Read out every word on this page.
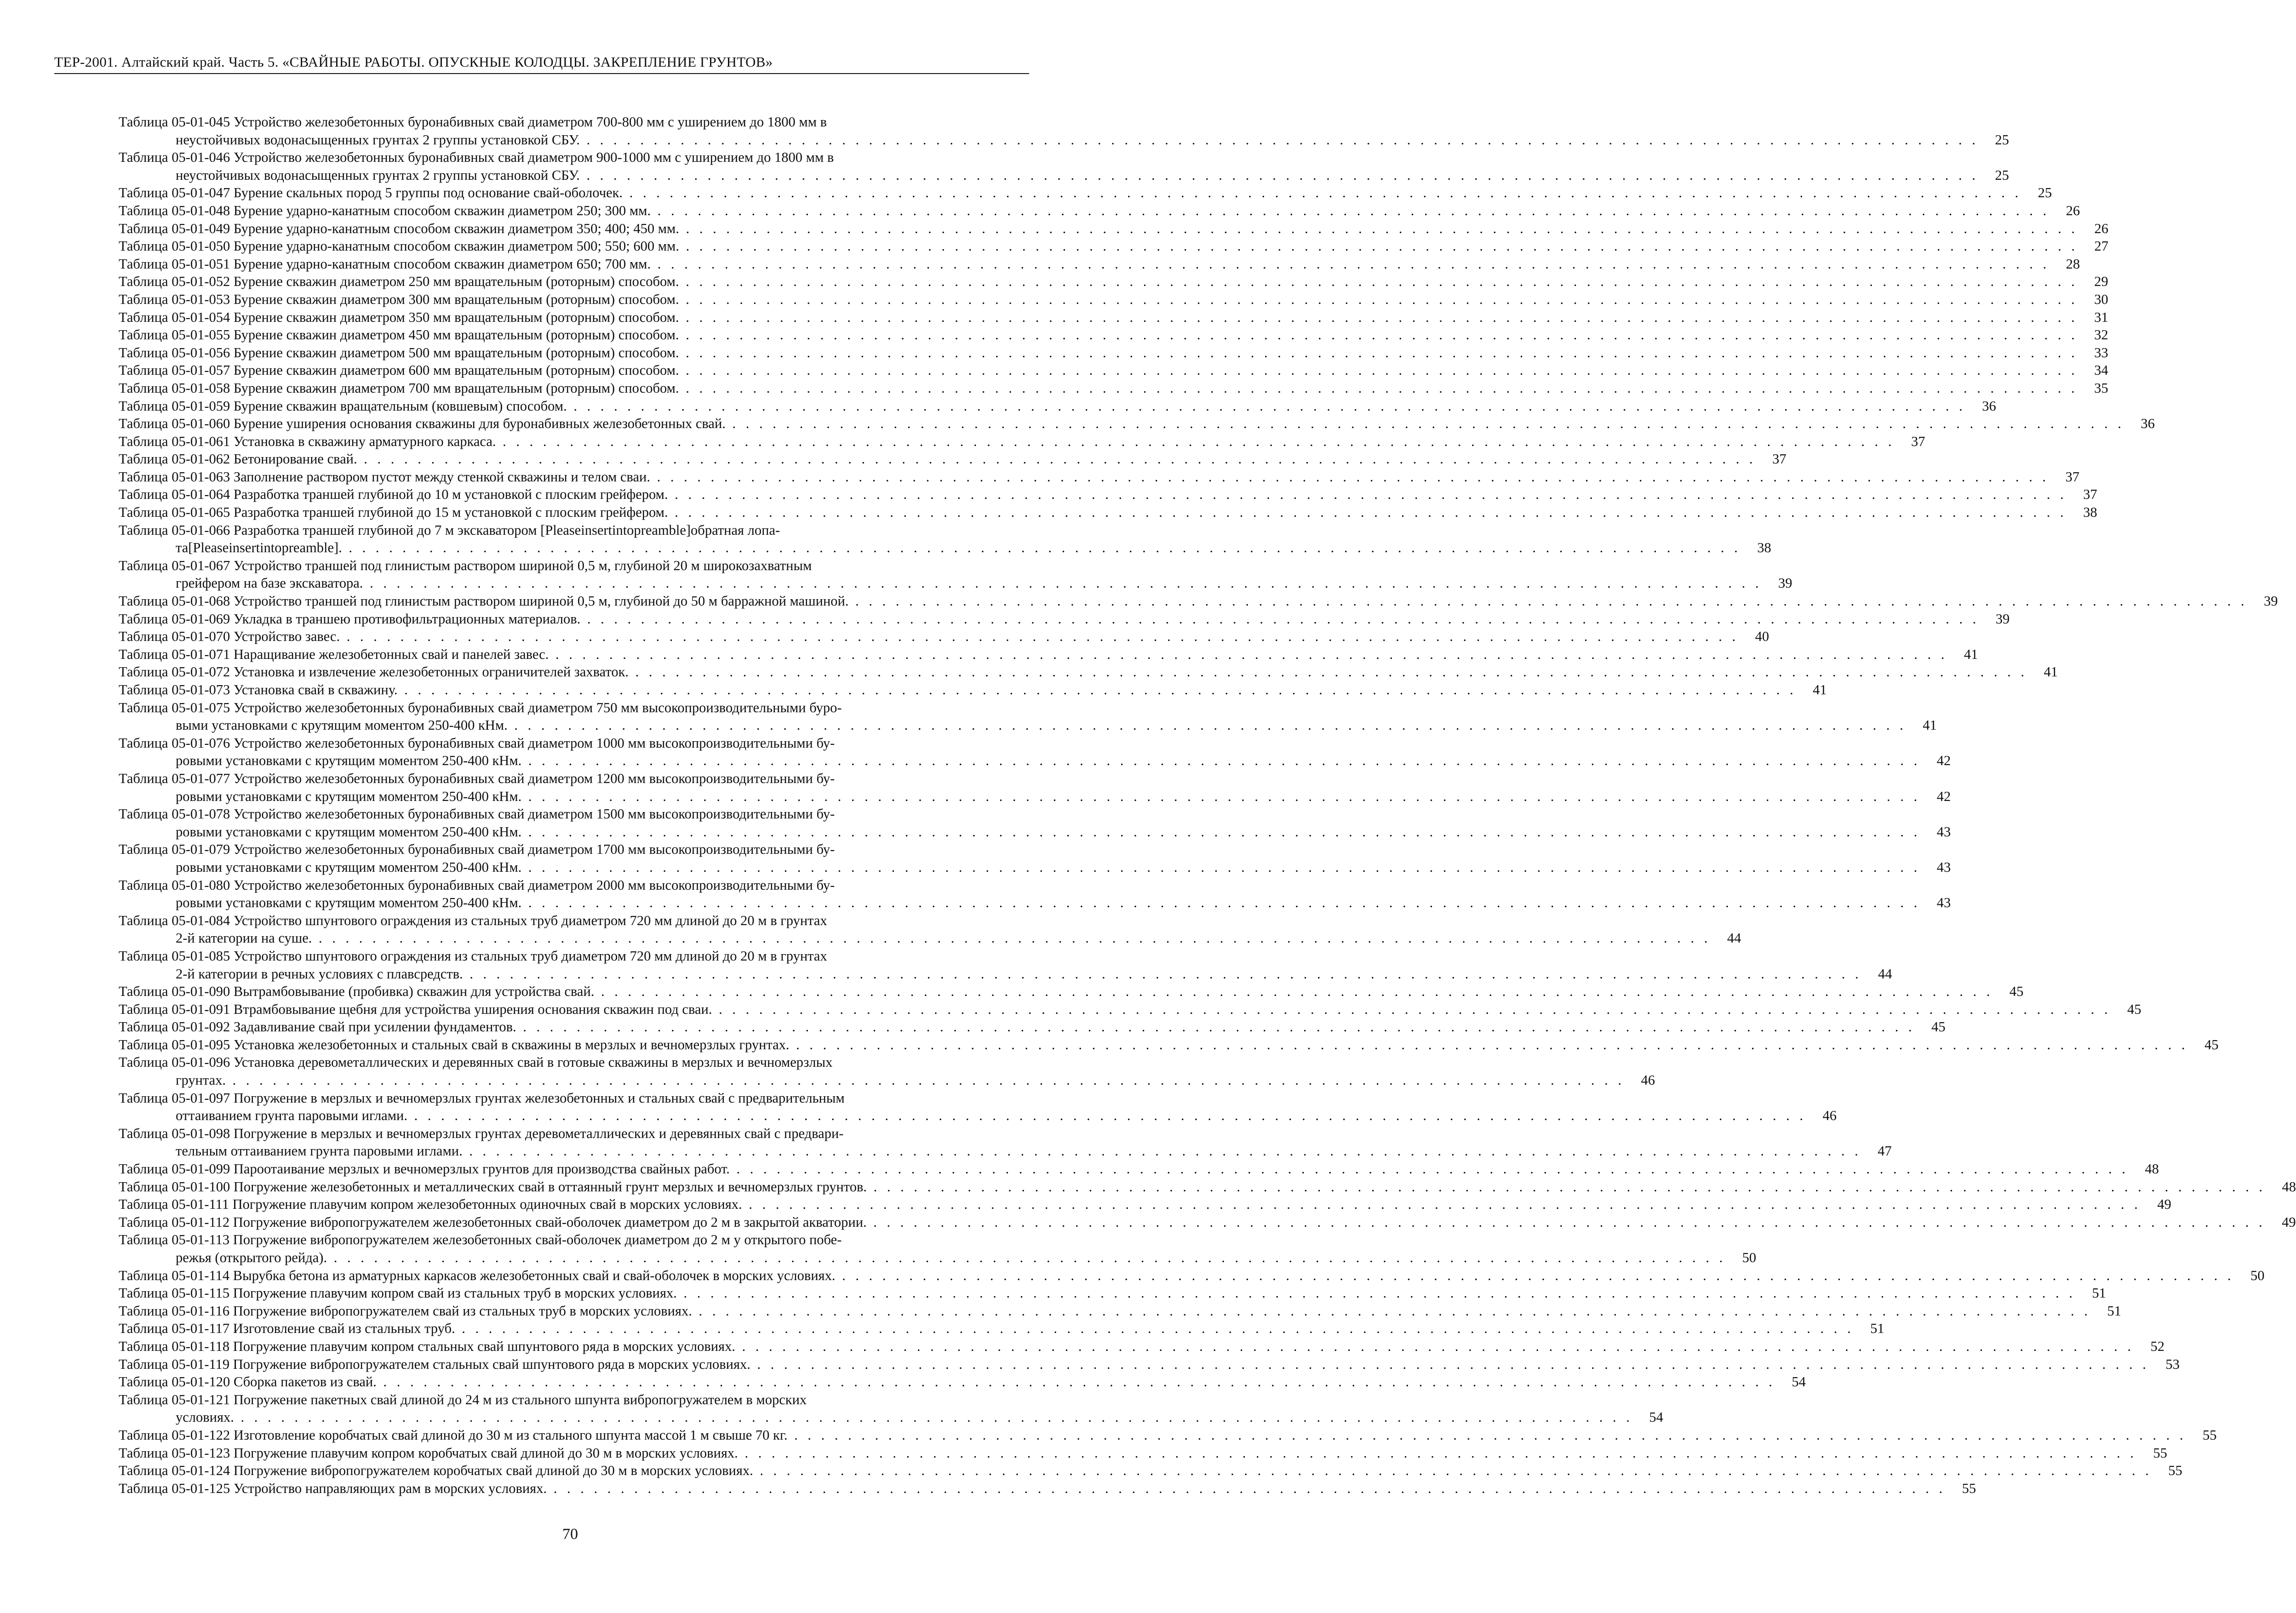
ТЕР-2001. Алтайский край. Часть 5. «СВАЙНЫЕ РАБОТЫ. ОПУСКНЫЕ КОЛОДЦЫ. ЗАКРЕПЛЕНИЕ ГРУНТОВ»
Таблица 05-01-045 Устройство железобетонных буронабивных свай диаметром 700-800 мм с уширением до 1800 мм в
неустойчивых водонасыщенных грунтах 2 группы установкой СБУ. . . . . . . . . . . . . . . . . . . . . . . . . . . . . . . . . . . . . . . . . . . . . . . . . . . . . . . . . . . . . . . . . . . . . . . . . . . . . . . . . . . . . . . . . . . . . . . . . . . . . . . . .	25
Таблица 05-01-046 Устройство железобетонных буронабивных свай диаметром 900-1000 мм с уширением до 1800 мм в
неустойчивых водонасыщенных грунтах 2 группы установкой СБУ. . . . . . . . . . . . . . . . . . . . . . . . . . . . . . . . . . . . . . . . . . . . . . . . . . . . . . . . . . . . . . . . . . . . . . . . . . . . . . . . . . . . . . . . . . . . . . . . . . . . . . . . .	25
Таблица 05-01-047 Бурение скальных пород 5 группы под основание свай-оболочек. . . . . . . . . . . . . . . . . . . . . . . . . . . . . . . . . . . . . . . . . . . . . . . . . . . . . . . . . . . . . . . . . . . . . . . . . . . . . . . . . . . . . . . . . . . . . . . . . . . . . . . . .	25
Таблица 05-01-048 Бурение ударно-канатным способом скважин диаметром 250; 300 мм. . . . . . . . . . . . . . . . . . . . . . . . . . . . . . . . . . . . . . . . . . . . . . . . . . . . . . . . . . . . . . . . . . . . . . . . . . . . . . . . . . . . . . . . . . . . . . . . . . . . . . . . .	26
Таблица 05-01-049 Бурение ударно-канатным способом скважин диаметром 350; 400; 450 мм. . . . . . . . . . . . . . . . . . . . . . . . . . . . . . . . . . . . . . . . . . . . . . . . . . . . . . . . . . . . . . . . . . . . . . . . . . . . . . . . . . . . . . . . . . . . . . . . . . . . . . . . .	26
Таблица 05-01-050 Бурение ударно-канатным способом скважин диаметром 500; 550; 600 мм. . . . . . . . . . . . . . . . . . . . . . . . . . . . . . . . . . . . . . . . . . . . . . . . . . . . . . . . . . . . . . . . . . . . . . . . . . . . . . . . . . . . . . . . . . . . . . . . . . . . . . . . .	27
Таблица 05-01-051 Бурение ударно-канатным способом скважин диаметром 650; 700 мм. . . . . . . . . . . . . . . . . . . . . . . . . . . . . . . . . . . . . . . . . . . . . . . . . . . . . . . . . . . . . . . . . . . . . . . . . . . . . . . . . . . . . . . . . . . . . . . . . . . . . . . . .	28
Таблица 05-01-052 Бурение скважин диаметром 250 мм вращательным (роторным) способом. . . . . . . . . . . . . . . . . . . . . . . . . . . . . . . . . . . . . . . . . . . . . . . . . . . . . . . . . . . . . . . . . . . . . . . . . . . . . . . . . . . . . . . . . . . . . . . . . . . . . . . . .	29
Таблица 05-01-053 Бурение скважин диаметром 300 мм вращательным (роторным) способом. . . . . . . . . . . . . . . . . . . . . . . . . . . . . . . . . . . . . . . . . . . . . . . . . . . . . . . . . . . . . . . . . . . . . . . . . . . . . . . . . . . . . . . . . . . . . . . . . . . . . . . . .	30
Таблица 05-01-054 Бурение скважин диаметром 350 мм вращательным (роторным) способом. . . . . . . . . . . . . . . . . . . . . . . . . . . . . . . . . . . . . . . . . . . . . . . . . . . . . . . . . . . . . . . . . . . . . . . . . . . . . . . . . . . . . . . . . . . . . . . . . . . . . . . . .	31
Таблица 05-01-055 Бурение скважин диаметром 450 мм вращательным (роторным) способом. . . . . . . . . . . . . . . . . . . . . . . . . . . . . . . . . . . . . . . . . . . . . . . . . . . . . . . . . . . . . . . . . . . . . . . . . . . . . . . . . . . . . . . . . . . . . . . . . . . . . . . . .	32
Таблица 05-01-056 Бурение скважин диаметром 500 мм вращательным (роторным) способом. . . . . . . . . . . . . . . . . . . . . . . . . . . . . . . . . . . . . . . . . . . . . . . . . . . . . . . . . . . . . . . . . . . . . . . . . . . . . . . . . . . . . . . . . . . . . . . . . . . . . . . . .	33
Таблица 05-01-057 Бурение скважин диаметром 600 мм вращательным (роторным) способом. . . . . . . . . . . . . . . . . . . . . . . . . . . . . . . . . . . . . . . . . . . . . . . . . . . . . . . . . . . . . . . . . . . . . . . . . . . . . . . . . . . . . . . . . . . . . . . . . . . . . . . . .	34
Таблица 05-01-058 Бурение скважин диаметром 700 мм вращательным (роторным) способом. . . . . . . . . . . . . . . . . . . . . . . . . . . . . . . . . . . . . . . . . . . . . . . . . . . . . . . . . . . . . . . . . . . . . . . . . . . . . . . . . . . . . . . . . . . . . . . . . . . . . . . . .	35
Таблица 05-01-059 Бурение скважин вращательным (ковшевым) способом. . . . . . . . . . . . . . . . . . . . . . . . . . . . . . . . . . . . . . . . . . . . . . . . . . . . . . . . . . . . . . . . . . . . . . . . . . . . . . . . . . . . . . . . . . . . . . . . . . . . . . . . .	36
Таблица 05-01-060 Бурение уширения основания скважины для буронабивных железобетонных свай. . . . . . . . . . . . . . . . . . . . . . . . . . . . . . . . . . . . . . . . . . . . . . . . . . . . . . . . . . . . . . . . . . . . . . . . . . . . . . . . . . . . . . . . . . . . . . . . . . . . . . . . .	36
Таблица 05-01-061 Установка в скважину арматурного каркаса. . . . . . . . . . . . . . . . . . . . . . . . . . . . . . . . . . . . . . . . . . . . . . . . . . . . . . . . . . . . . . . . . . . . . . . . . . . . . . . . . . . . . . . . . . . . . . . . . . . . . . . . .	37
Таблица 05-01-062 Бетонирование свай. . . . . . . . . . . . . . . . . . . . . . . . . . . . . . . . . . . . . . . . . . . . . . . . . . . . . . . . . . . . . . . . . . . . . . . . . . . . . . . . . . . . . . . . . . . . . . . . . . . . . . . . .	37
Таблица 05-01-063 Заполнение раствором пустот между стенкой скважины и телом сваи. . . . . . . . . . . . . . . . . . . . . . . . . . . . . . . . . . . . . . . . . . . . . . . . . . . . . . . . . . . . . . . . . . . . . . . . . . . . . . . . . . . . . . . . . . . . . . . . . . . . . . . . .	37
Таблица 05-01-064 Разработка траншей глубиной до 10 м установкой с плоским грейфером. . . . . . . . . . . . . . . . . . . . . . . . . . . . . . . . . . . . . . . . . . . . . . . . . . . . . . . . . . . . . . . . . . . . . . . . . . . . . . . . . . . . . . . . . . . . . . . . . . . . . . . . .	37
Таблица 05-01-065 Разработка траншей глубиной до 15 м установкой с плоским грейфером. . . . . . . . . . . . . . . . . . . . . . . . . . . . . . . . . . . . . . . . . . . . . . . . . . . . . . . . . . . . . . . . . . . . . . . . . . . . . . . . . . . . . . . . . . . . . . . . . . . . . . . . .	38
Таблица 05-01-066 Разработка траншей глубиной до 7 м экскаватором [Pleaseinsertintopreamble]обратная лопа-
та[Pleaseinsertintopreamble]. . . . . . . . . . . . . . . . . . . . . . . . . . . . . . . . . . . . . . . . . . . . . . . . . . . . . . . . . . . . . . . . . . . . . . . . . . . . . . . . . . . . . . . . . . . . . . . . . . . . . . . . .	38
Таблица 05-01-067 Устройство траншей под глинистым раствором шириной 0,5 м, глубиной 20 м широкозахватным
грейфером на базе экскаватора. . . . . . . . . . . . . . . . . . . . . . . . . . . . . . . . . . . . . . . . . . . . . . . . . . . . . . . . . . . . . . . . . . . . . . . . . . . . . . . . . . . . . . . . . . . . . . . . . . . . . . . . .	39
Таблица 05-01-068 Устройство траншей под глинистым раствором шириной 0,5 м, глубиной до 50 м барражной машиной. . . . . . . . . . . . . . . . . . . . . . . . . . . . . . . . . . . . . . . . . . . . . . . . . . . . . . . . . . . . . . . . . . . . . . . . . . . . . . . . . . . . . . . . . . . . . . . . . . . . . . . . .	39
Таблица 05-01-069 Укладка в траншею противофильтрационных материалов. . . . . . . . . . . . . . . . . . . . . . . . . . . . . . . . . . . . . . . . . . . . . . . . . . . . . . . . . . . . . . . . . . . . . . . . . . . . . . . . . . . . . . . . . . . . . . . . . . . . . . . . .	39
Таблица 05-01-070 Устройство завес. . . . . . . . . . . . . . . . . . . . . . . . . . . . . . . . . . . . . . . . . . . . . . . . . . . . . . . . . . . . . . . . . . . . . . . . . . . . . . . . . . . . . . . . . . . . . . . . . . . . . . . . .	40
Таблица 05-01-071 Наращивание железобетонных свай и панелей завес. . . . . . . . . . . . . . . . . . . . . . . . . . . . . . . . . . . . . . . . . . . . . . . . . . . . . . . . . . . . . . . . . . . . . . . . . . . . . . . . . . . . . . . . . . . . . . . . . . . . . . . . .	41
Таблица 05-01-072 Установка и извлечение железобетонных ограничителей захваток. . . . . . . . . . . . . . . . . . . . . . . . . . . . . . . . . . . . . . . . . . . . . . . . . . . . . . . . . . . . . . . . . . . . . . . . . . . . . . . . . . . . . . . . . . . . . . . . . . . . . . . . .	41
Таблица 05-01-073 Установка свай в скважину. . . . . . . . . . . . . . . . . . . . . . . . . . . . . . . . . . . . . . . . . . . . . . . . . . . . . . . . . . . . . . . . . . . . . . . . . . . . . . . . . . . . . . . . . . . . . . . . . . . . . . . . .	41
Таблица 05-01-075 Устройство железобетонных буронабивных свай диаметром 750 мм высокопроизводительными буро-
выми установками с крутящим моментом 250-400 кНм. . . . . . . . . . . . . . . . . . . . . . . . . . . . . . . . . . . . . . . . . . . . . . . . . . . . . . . . . . . . . . . . . . . . . . . . . . . . . . . . . . . . . . . . . . . . . . . . . . . . . . . . .	41
Таблица 05-01-076 Устройство железобетонных буронабивных свай диаметром 1000 мм высокопроизводительными бу-
ровыми установками с крутящим моментом 250-400 кНм. . . . . . . . . . . . . . . . . . . . . . . . . . . . . . . . . . . . . . . . . . . . . . . . . . . . . . . . . . . . . . . . . . . . . . . . . . . . . . . . . . . . . . . . . . . . . . . . . . . . . . . . .	42
Таблица 05-01-077 Устройство железобетонных буронабивных свай диаметром 1200 мм высокопроизводительными бу-
ровыми установками с крутящим моментом 250-400 кНм. . . . . . . . . . . . . . . . . . . . . . . . . . . . . . . . . . . . . . . . . . . . . . . . . . . . . . . . . . . . . . . . . . . . . . . . . . . . . . . . . . . . . . . . . . . . . . . . . . . . . . . . .	42
Таблица 05-01-078 Устройство железобетонных буронабивных свай диаметром 1500 мм высокопроизводительными бу-
ровыми установками с крутящим моментом 250-400 кНм. . . . . . . . . . . . . . . . . . . . . . . . . . . . . . . . . . . . . . . . . . . . . . . . . . . . . . . . . . . . . . . . . . . . . . . . . . . . . . . . . . . . . . . . . . . . . . . . . . . . . . . . .	43
Таблица 05-01-079 Устройство железобетонных буронабивных свай диаметром 1700 мм высокопроизводительными бу-
ровыми установками с крутящим моментом 250-400 кНм. . . . . . . . . . . . . . . . . . . . . . . . . . . . . . . . . . . . . . . . . . . . . . . . . . . . . . . . . . . . . . . . . . . . . . . . . . . . . . . . . . . . . . . . . . . . . . . . . . . . . . . . .	43
Таблица 05-01-080 Устройство железобетонных буронабивных свай диаметром 2000 мм высокопроизводительными бу-
ровыми установками с крутящим моментом 250-400 кНм. . . . . . . . . . . . . . . . . . . . . . . . . . . . . . . . . . . . . . . . . . . . . . . . . . . . . . . . . . . . . . . . . . . . . . . . . . . . . . . . . . . . . . . . . . . . . . . . . . . . . . . . .	43
Таблица 05-01-084 Устройство шпунтового ограждения из стальных труб диаметром 720 мм длиной до 20 м в грунтах
2-й категории на суше. . . . . . . . . . . . . . . . . . . . . . . . . . . . . . . . . . . . . . . . . . . . . . . . . . . . . . . . . . . . . . . . . . . . . . . . . . . . . . . . . . . . . . . . . . . . . . . . . . . . . . . . .	44
Таблица 05-01-085 Устройство шпунтового ограждения из стальных труб диаметром 720 мм длиной до 20 м в грунтах
2-й категории в речных условиях с плавсредств. . . . . . . . . . . . . . . . . . . . . . . . . . . . . . . . . . . . . . . . . . . . . . . . . . . . . . . . . . . . . . . . . . . . . . . . . . . . . . . . . . . . . . . . . . . . . . . . . . . . . . . . .	44
Таблица 05-01-090 Вытрамбовывание (пробивка) скважин для устройства свай. . . . . . . . . . . . . . . . . . . . . . . . . . . . . . . . . . . . . . . . . . . . . . . . . . . . . . . . . . . . . . . . . . . . . . . . . . . . . . . . . . . . . . . . . . . . . . . . . . . . . . . . .	45
Таблица 05-01-091 Втрамбовывание щебня для устройства уширения основания скважин под сваи. . . . . . . . . . . . . . . . . . . . . . . . . . . . . . . . . . . . . . . . . . . . . . . . . . . . . . . . . . . . . . . . . . . . . . . . . . . . . . . . . . . . . . . . . . . . . . . . . . . . . . . . .	45
Таблица 05-01-092 Задавливание свай при усилении фундаментов. . . . . . . . . . . . . . . . . . . . . . . . . . . . . . . . . . . . . . . . . . . . . . . . . . . . . . . . . . . . . . . . . . . . . . . . . . . . . . . . . . . . . . . . . . . . . . . . . . . . . . . . .	45
Таблица 05-01-095 Установка железобетонных и стальных свай в скважины в мерзлых и вечномерзлых грунтах. . . . . . . . . . . . . . . . . . . . . . . . . . . . . . . . . . . . . . . . . . . . . . . . . . . . . . . . . . . . . . . . . . . . . . . . . . . . . . . . . . . . . . . . . . . . . . . . . . . . . . . . .	45
Таблица 05-01-096 Установка деревометаллических и деревянных свай в готовые скважины в мерзлых и вечномерзлых
грунтах. . . . . . . . . . . . . . . . . . . . . . . . . . . . . . . . . . . . . . . . . . . . . . . . . . . . . . . . . . . . . . . . . . . . . . . . . . . . . . . . . . . . . . . . . . . . . . . . . . . . . . . . .	46
Таблица 05-01-097 Погружение в мерзлых и вечномерзлых грунтах железобетонных и стальных свай с предварительным
оттаиванием грунта паровыми иглами. . . . . . . . . . . . . . . . . . . . . . . . . . . . . . . . . . . . . . . . . . . . . . . . . . . . . . . . . . . . . . . . . . . . . . . . . . . . . . . . . . . . . . . . . . . . . . . . . . . . . . . . .	46
Таблица 05-01-098 Погружение в мерзлых и вечномерзлых грунтах деревометаллических и деревянных свай с предвари-
тельным оттаиванием грунта паровыми иглами. . . . . . . . . . . . . . . . . . . . . . . . . . . . . . . . . . . . . . . . . . . . . . . . . . . . . . . . . . . . . . . . . . . . . . . . . . . . . . . . . . . . . . . . . . . . . . . . . . . . . . . . .	47
Таблица 05-01-099 Пароотаивание мерзлых и вечномерзлых грунтов для производства свайных работ. . . . . . . . . . . . . . . . . . . . . . . . . . . . . . . . . . . . . . . . . . . . . . . . . . . . . . . . . . . . . . . . . . . . . . . . . . . . . . . . . . . . . . . . . . . . . . . . . . . . . . . . .	48
Таблица 05-01-100 Погружение железобетонных и металлических свай в оттаянный грунт мерзлых и вечномерзлых грунтов. . . . . . . . . . . . . . . . . . . . . . . . . . . . . . . . . . . . . . . . . . . . . . . . . . . . . . . . . . . . . . . . . . . . . . . . . . . . . . . . . . . . . . . . . . . . . . . . . . . . . . . . .	48
Таблица 05-01-111 Погружение плавучим копром железобетонных одиночных свай в морских условиях. . . . . . . . . . . . . . . . . . . . . . . . . . . . . . . . . . . . . . . . . . . . . . . . . . . . . . . . . . . . . . . . . . . . . . . . . . . . . . . . . . . . . . . . . . . . . . . . . . . . . . . . .	49
Таблица 05-01-112 Погружение вибропогружателем железобетонных свай-оболочек диаметром до 2 м в закрытой акватории. . . . . . . . . . . . . . . . . . . . . . . . . . . . . . . . . . . . . . . . . . . . . . . . . . . . . . . . . . . . . . . . . . . . . . . . . . . . . . . . . . . . . . . . . . . . . . . . . . . . . . . . .	49
Таблица 05-01-113 Погружение вибропогружателем железобетонных свай-оболочек диаметром до 2 м у открытого побе-
режья (открытого рейда). . . . . . . . . . . . . . . . . . . . . . . . . . . . . . . . . . . . . . . . . . . . . . . . . . . . . . . . . . . . . . . . . . . . . . . . . . . . . . . . . . . . . . . . . . . . . . . . . . . . . . . . .	50
Таблица 05-01-114 Вырубка бетона из арматурных каркасов железобетонных свай и свай-оболочек в морских условиях. . . . . . . . . . . . . . . . . . . . . . . . . . . . . . . . . . . . . . . . . . . . . . . . . . . . . . . . . . . . . . . . . . . . . . . . . . . . . . . . . . . . . . . . . . . . . . . . . . . . . . . . .	50
Таблица 05-01-115 Погружение плавучим копром свай из стальных труб в морских условиях. . . . . . . . . . . . . . . . . . . . . . . . . . . . . . . . . . . . . . . . . . . . . . . . . . . . . . . . . . . . . . . . . . . . . . . . . . . . . . . . . . . . . . . . . . . . . . . . . . . . . . . . .	51
Таблица 05-01-116 Погружение вибропогружателем свай из стальных труб в морских условиях. . . . . . . . . . . . . . . . . . . . . . . . . . . . . . . . . . . . . . . . . . . . . . . . . . . . . . . . . . . . . . . . . . . . . . . . . . . . . . . . . . . . . . . . . . . . . . . . . . . . . . . . .	51
Таблица 05-01-117 Изготовление свай из стальных труб. . . . . . . . . . . . . . . . . . . . . . . . . . . . . . . . . . . . . . . . . . . . . . . . . . . . . . . . . . . . . . . . . . . . . . . . . . . . . . . . . . . . . . . . . . . . . . . . . . . . . . . . .	51
Таблица 05-01-118 Погружение плавучим копром стальных свай шпунтового ряда в морских условиях. . . . . . . . . . . . . . . . . . . . . . . . . . . . . . . . . . . . . . . . . . . . . . . . . . . . . . . . . . . . . . . . . . . . . . . . . . . . . . . . . . . . . . . . . . . . . . . . . . . . . . . . .	52
Таблица 05-01-119 Погружение вибропогружателем стальных свай шпунтового ряда в морских условиях. . . . . . . . . . . . . . . . . . . . . . . . . . . . . . . . . . . . . . . . . . . . . . . . . . . . . . . . . . . . . . . . . . . . . . . . . . . . . . . . . . . . . . . . . . . . . . . . . . . . . . . . .	53
Таблица 05-01-120 Сборка пакетов из свай. . . . . . . . . . . . . . . . . . . . . . . . . . . . . . . . . . . . . . . . . . . . . . . . . . . . . . . . . . . . . . . . . . . . . . . . . . . . . . . . . . . . . . . . . . . . . . . . . . . . . . . . .	54
Таблица 05-01-121 Погружение пакетных свай длиной до 24 м из стального шпунта вибропогружателем в морских
условиях. . . . . . . . . . . . . . . . . . . . . . . . . . . . . . . . . . . . . . . . . . . . . . . . . . . . . . . . . . . . . . . . . . . . . . . . . . . . . . . . . . . . . . . . . . . . . . . . . . . . . . . . .	54
Таблица 05-01-122 Изготовление коробчатых свай длиной до 30 м из стального шпунта массой 1 м свыше 70 кг. . . . . . . . . . . . . . . . . . . . . . . . . . . . . . . . . . . . . . . . . . . . . . . . . . . . . . . . . . . . . . . . . . . . . . . . . . . . . . . . . . . . . . . . . . . . . . . . . . . . . . . . .	55
Таблица 05-01-123 Погружение плавучим копром коробчатых свай длиной до 30 м в морских условиях. . . . . . . . . . . . . . . . . . . . . . . . . . . . . . . . . . . . . . . . . . . . . . . . . . . . . . . . . . . . . . . . . . . . . . . . . . . . . . . . . . . . . . . . . . . . . . . . . . . . . . . . .	55
Таблица 05-01-124 Погружение вибропогружателем коробчатых свай длиной до 30 м в морских условиях. . . . . . . . . . . . . . . . . . . . . . . . . . . . . . . . . . . . . . . . . . . . . . . . . . . . . . . . . . . . . . . . . . . . . . . . . . . . . . . . . . . . . . . . . . . . . . . . . . . . . . . . .	55
Таблица 05-01-125 Устройство направляющих рам в морских условиях. . . . . . . . . . . . . . . . . . . . . . . . . . . . . . . . . . . . . . . . . . . . . . . . . . . . . . . . . . . . . . . . . . . . . . . . . . . . . . . . . . . . . . . . . . . . . . . . . . . . . . . . .	55
70
